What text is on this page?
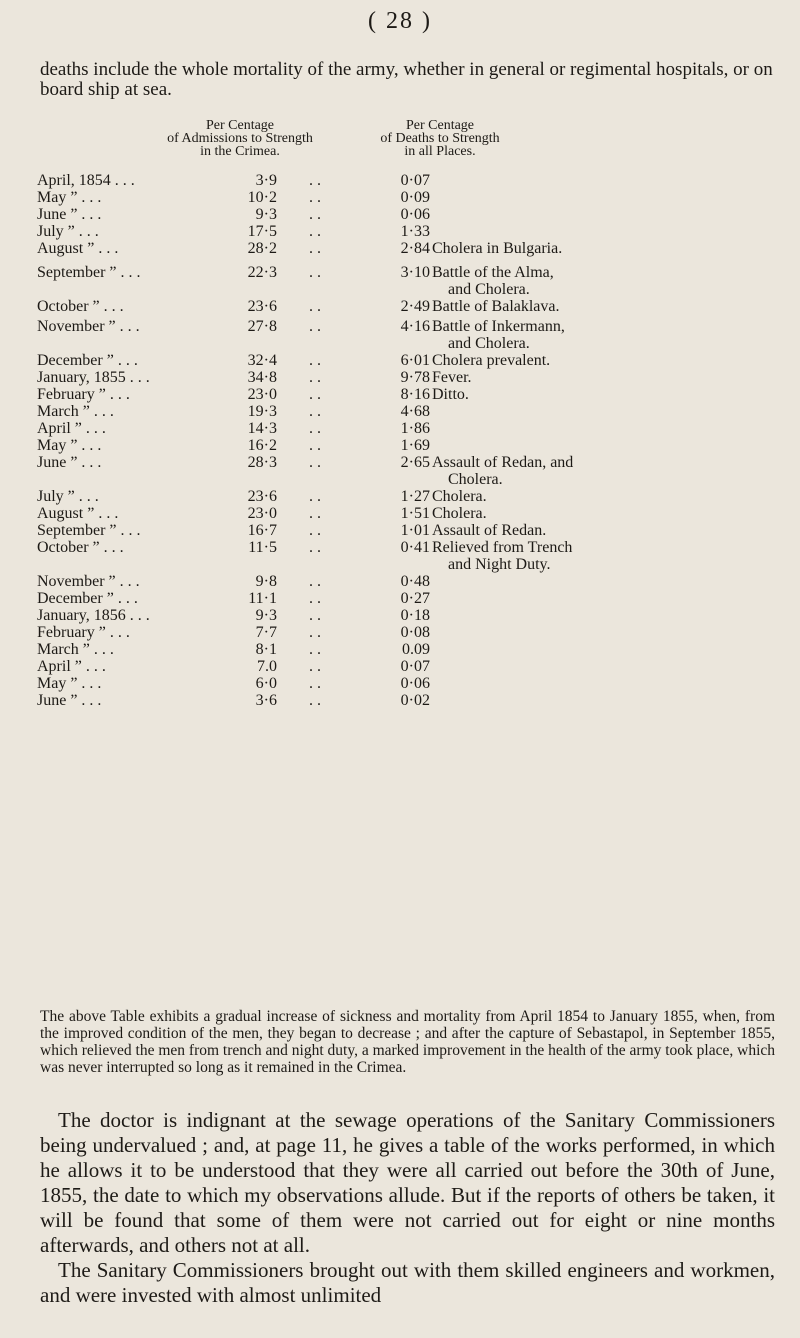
( 28 )

deaths include the whole mortality of the army, whether in general or regimental hospitals, or on board ship at sea.

Per Centage
of Admissions to Strength
in the Crimea.
Per Centage
of Deaths to Strength
in all Places.
April, 1854 . . .	3·9 . .	0·07
May ” . . .	10·2 . .	0·09
June ” . . .	9·3 . .	0·06
July ” . . .	17·5 . .	1·33
August ” . . .	28·2 . .	2·84 Cholera in Bulgaria.
September ” . . .	22·3 . .	3·10 Battle of the Alma,
and Cholera.
October ” . . .	23·6 . .	2·49 Battle of Balaklava.
November ” . . .	27·8 . .	4·16 Battle of Inkermann,
and Cholera.
December ” . . .	32·4 . .	6·01 Cholera prevalent.
January, 1855 . . .	34·8 . .	9·78 Fever.
February ” . . .	23·0 . .	8·16 Ditto.
March ” . . .	19·3 . .	4·68
April ” . . .	14·3 . .	1·86
May ” . . .	16·2 . .	1·69
June ” . . .	28·3 . .	2·65 Assault of Redan, and
Cholera.
July ” . . .	23·6 . .	1·27 Cholera.
August ” . . .	23·0 . .	1·51 Cholera.
September ” . . .	16·7 . .	1·01 Assault of Redan.
October ” . . .	11·5 . .	0·41 Relieved from Trench
and Night Duty.
November ” . . .	9·8 . .	0·48
December ” . . .	11·1 . .	0·27
January, 1856 . . .	9·3 . .	0·18
February ” . . .	7·7 . .	0·08
March ” . . .	8·1 . .	0.09
April ” . . .	7.0 . .	0·07
May ” . . .	6·0 . .	0·06
June ” . . .	3·6 . .	0·02

The above Table exhibits a gradual increase of sickness and mortality from April 1854 to January 1855, when, from the improved condition of the men, they began to decrease ; and after the capture of Sebastapol, in September 1855, which relieved the men from trench and night duty, a marked improvement in the health of the army took place, which was never interrupted so long as it remained in the Crimea.

The doctor is indignant at the sewage operations of the Sanitary Commissioners being undervalued ; and, at page 11, he gives a table of the works performed, in which he allows it to be understood that they were all carried out before the 30th of June, 1855, the date to which my observations allude. But if the reports of others be taken, it will be found that some of them were not carried out for eight or nine months afterwards, and others not at all.

The Sanitary Commissioners brought out with them skilled engineers and workmen, and were invested with almost unlimited
